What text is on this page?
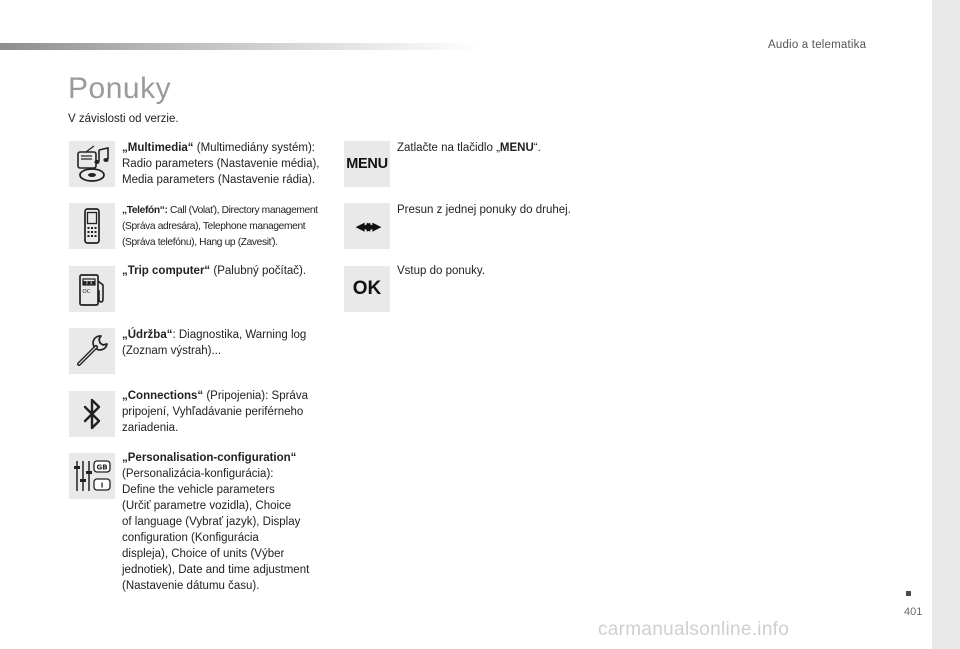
Audio a telematika
Ponuky
V závislosti od verzie.
„Multimedia“ (Multimediány systém):
Radio parameters (Nastavenie média),
Media parameters (Nastavenie rádia).
„Telefón“: Call (Volať), Directory management
(Správa adresára), Telephone management
(Správa telefónu), Hang up (Zavesiť).
■■■
OC
„Trip computer“ (Palubný počítač).
„Údržba“: Diagnostika, Warning log
(Zoznam výstrah)...
„Connections“ (Pripojenia): Správa
pripojení, Vyhľadávanie periférneho
zariadenia.
GB
I
„Personalisation-configuration“
(Personalizácia-konfigurácia):
Define the vehicle parameters
(Určiť parametre vozidla), Choice
of language (Vybrať jazyk), Display
configuration (Konfigurácia
displeja), Choice of units (Výber
jednotiek), Date and time adjustment
(Nastavenie dátumu času).
MENU
Zatlačte na tlačidlo „MENU“.
◀◀ ▶▶
Presun z jednej ponuky do druhej.
OK
Vstup do ponuky.
401
carmanualsonline.info
